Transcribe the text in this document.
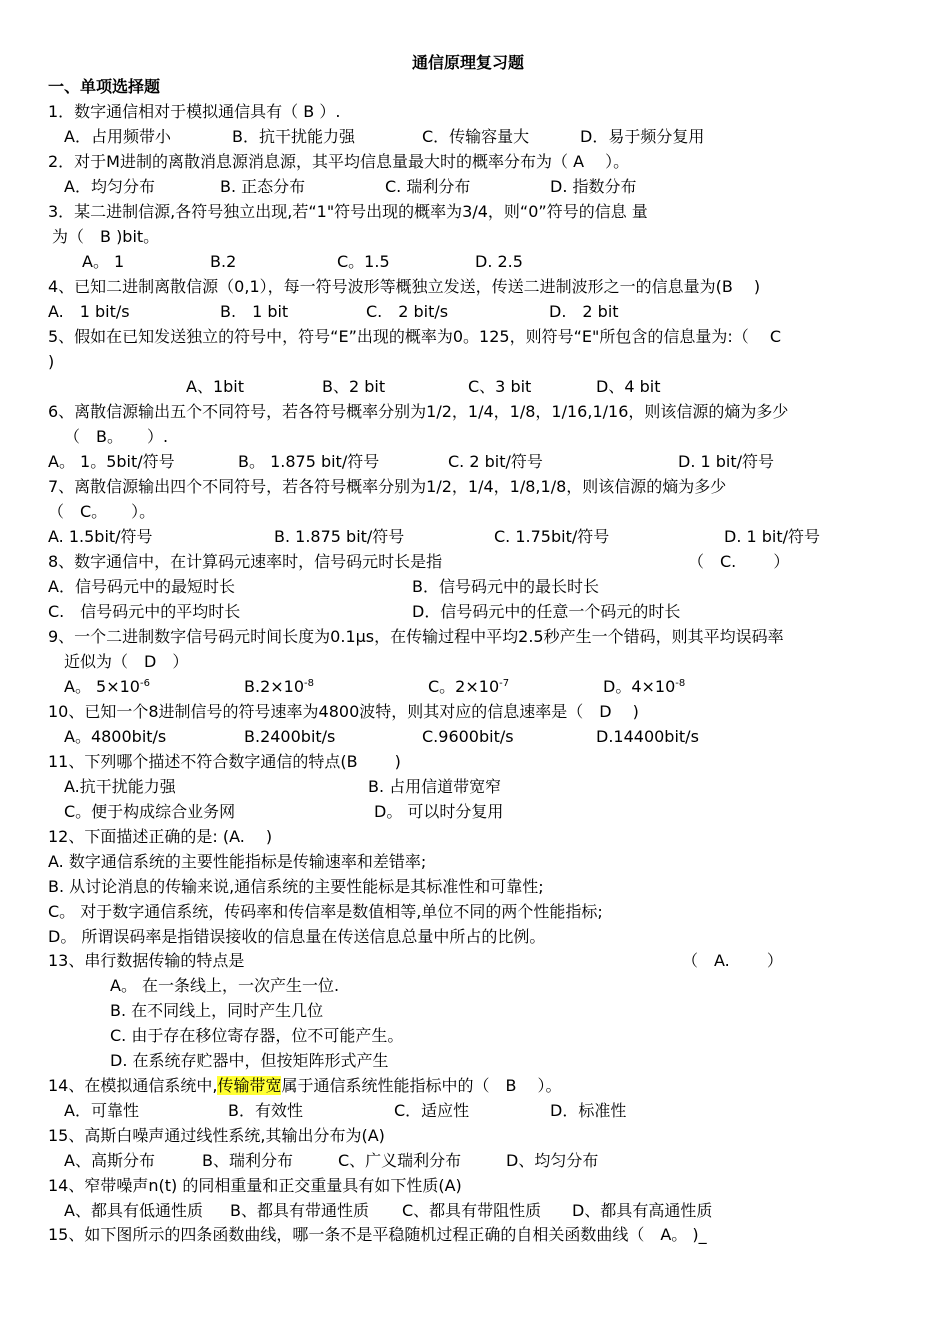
通信原理复习题
一、单项选择题
1．数字通信相对于模拟通信具有（ B ）.
A．占用频带小	B．抗干扰能力强	C．传输容量大	D．易于频分复用
2．对于M进制的离散消息源消息源，其平均信息量最大时的概率分布为（ A　 ）。
A．均匀分布	B. 正态分布	C. 瑞利分布	D. 指数分布
3．某二进制信源,各符号独立出现,若“1"符号出现的概率为3/4，则“0”符号的信息 量
为（　B )bit。
A。 1	B.2	C。1.5	D. 2.5
4、已知二进制离散信源（0,1），每一符号波形等概独立发送，传送二进制波形之一的信息量为(B　 )
A.　1 bit/s	B.　1 bit	C.　2 bit/s	D.　2 bit
5、假如在已知发送独立的符号中，符号“E”出现的概率为0。125，则符号“E"所包含的信息量为:（　 C
)
A、1bit	B、2 bit	C、3 bit	D、4 bit
6、离散信源输出五个不同符号，若各符号概率分别为1/2，1/4，1/8，1/16,1/16，则该信源的熵为多少
（　B。　　）.
A。 1。5bit/符号	B。 1.875 bit/符号	C. 2 bit/符号	D. 1 bit/符号
7、离散信源输出四个不同符号，若各符号概率分别为1/2，1/4，1/8,1/8，则该信源的熵为多少
（　C。　　）。
A. 1.5bit/符号	B. 1.875 bit/符号	C. 1.75bit/符号	D. 1 bit/符号
8、数字通信中，在计算码元速率时，信号码元时长是指	（　C.　　 ）
A．信号码元中的最短时长	B．信号码元中的最长时长
C.　信号码元中的平均时长	D．信号码元中的任意一个码元的时长
9、一个二进制数字信号码元时间长度为0.1μs，在传输过程中平均2.5秒产生一个错码，则其平均误码率
近似为（　D　）
A。 $5\times 10^{-6}$	$B.2\times 10^{-8}$	C。$2\times 10^{-7}$	D。$4\times 10^{-8}$
10、已知一个8进制信号的符号速率为4800波特，则其对应的信息速率是（　D　 )
A。4800bit/s	B.2400bit/s	C.9600bit/s	D.14400bit/s
11、下列哪个描述不符合数字通信的特点(B　　 )
A.抗干扰能力强	B. 占用信道带宽窄
C。便于构成综合业务网	D。 可以时分复用
12、下面描述正确的是: (A.　 )
A. 数字通信系统的主要性能指标是传输速率和差错率;
B. 从讨论消息的传输来说,通信系统的主要性能标是其标准性和可靠性;
C。 对于数字通信系统，传码率和传信率是数值相等,单位不同的两个性能指标;
D。 所谓误码率是指错误接收的信息量在传送信息总量中所占的比例。
13、串行数据传输的特点是	（　A.　　 ）
A。 在一条线上，一次产生一位.
B. 在不同线上，同时产生几位
C. 由于存在移位寄存器，位不可能产生。
D. 在系统存贮器中，但按矩阵形式产生
14、在模拟通信系统中,传输带宽属于通信系统性能指标中的（　B　 ）。
A．可靠性	B．有效性	C．适应性	D．标准性
15、高斯白噪声通过线性系统,其输出分布为(A)
A、高斯分布	B、瑞利分布	C、广义瑞利分布	D、均匀分布
14、窄带噪声n(t) 的同相重量和正交重量具有如下性质(A)
A、都具有低通性质 B、都具有带通性质 C、都具有带阻性质 D、都具有高通性质
15、如下图所示的四条函数曲线，哪一条不是平稳随机过程正确的自相关函数曲线（　A。 )_
